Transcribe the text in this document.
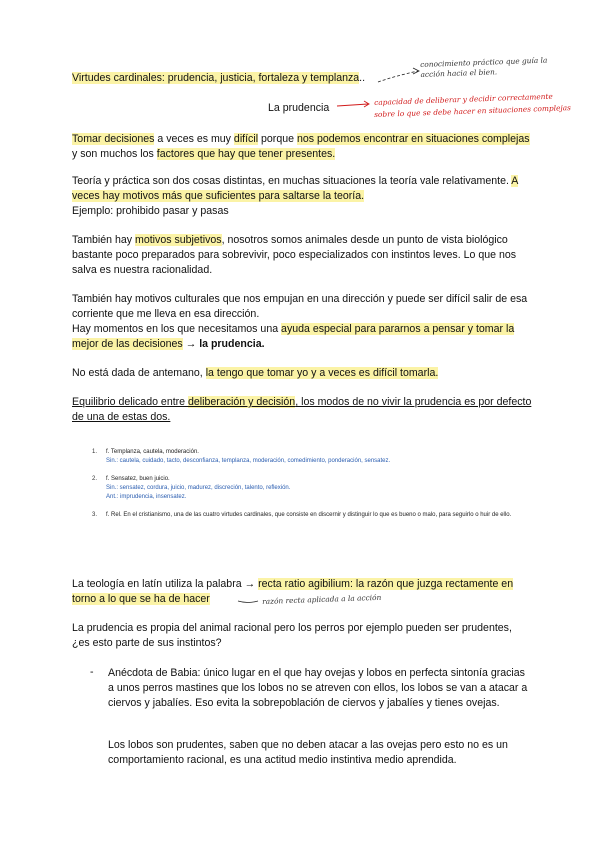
Virtudes cardinales: prudencia, justicia, fortaleza y templanza..

La prudencia

conocimiento práctico que guía la acción hacia el bien.
capacidad de deliberar y decidir correctamente
sobre lo que se debe hacer en situaciones complejas

Tomar decisiones a veces es muy difícil porque nos podemos encontrar en situaciones complejas y son muchos los factores que hay que tener presentes.

Teoría y práctica son dos cosas distintas, en muchas situaciones la teoría vale relativamente. A veces hay motivos más que suficientes para saltarse la teoría.
Ejemplo: prohibido pasar y pasas

También hay motivos subjetivos, nosotros somos animales desde un punto de vista biológico bastante poco preparados para sobrevivir, poco especializados con instintos leves. Lo que nos salva es nuestra racionalidad.

También hay motivos culturales que nos empujan en una dirección y puede ser difícil salir de esa corriente que me lleva en esa dirección.
Hay momentos en los que necesitamos una ayuda especial para pararnos a pensar y tomar la mejor de las decisiones → la prudencia.

No está dada de antemano, la tengo que tomar yo y a veces es difícil tomarla.

Equilibrio delicado entre deliberación y decisión, los modos de no vivir la prudencia es por defecto de una de estas dos.

1. f. Templanza, cautela, moderación.
Sin.: cautela, cuidado, tacto, desconfianza, templanza, moderación, comedimiento, ponderación, sensatez.
2. f. Sensatez, buen juicio.
Sin.: sensatez, cordura, juicio, madurez, discreción, talento, reflexión.
Ant.: imprudencia, insensatez.
3. f. Rel. En el cristianismo, una de las cuatro virtudes cardinales, que consiste en discernir y distinguir lo que es bueno o malo, para seguirlo o huir de ello.

La teología en latín utiliza la palabra → recta ratio agibilium: la razón que juzga rectamente en torno a lo que se ha de hacer	razón recta aplicada a la acción

La prudencia es propia del animal racional pero los perros por ejemplo pueden ser prudentes, ¿es esto parte de sus instintos?

- Anécdota de Babia: único lugar en el que hay ovejas y lobos en perfecta sintonía gracias a unos perros mastines que los lobos no se atreven con ellos, los lobos se van a atacar a ciervos y jabalíes. Eso evita la sobrepoblación de ciervos y jabalíes y tienes ovejas.

Los lobos son prudentes, saben que no deben atacar a las ovejas pero esto no es un comportamiento racional, es una actitud medio instintiva medio aprendida.
